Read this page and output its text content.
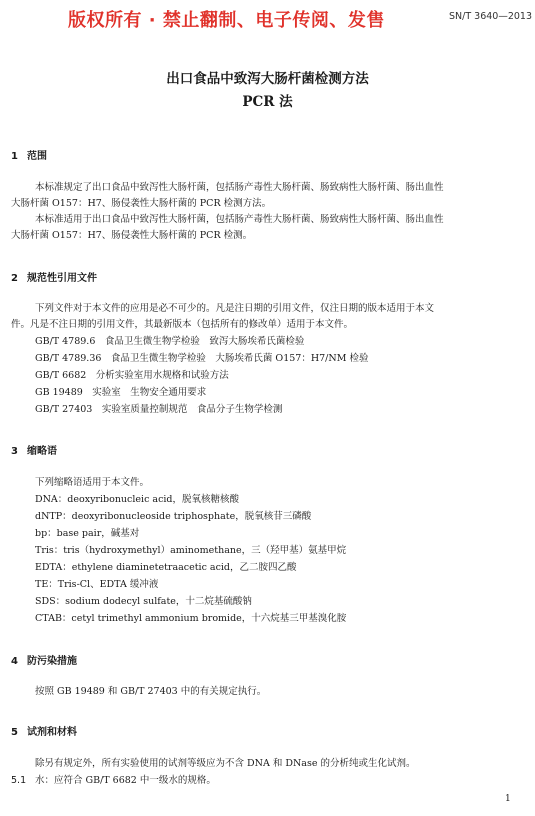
版权所有 · 禁止翻制、电子传阅、发售	SN/T 3640—2013
出口食品中致泻大肠杆菌检测方法
PCR 法
1 范围
本标准规定了出口食品中致泻性大肠杆菌，包括肠产毒性大肠杆菌、肠致病性大肠杆菌、肠出血性
大肠杆菌 O157：H7、肠侵袭性大肠杆菌的 PCR 检测方法。
本标准适用于出口食品中致泻性大肠杆菌，包括肠产毒性大肠杆菌、肠致病性大肠杆菌、肠出血性
大肠杆菌 O157：H7、肠侵袭性大肠杆菌的 PCR 检测。
2 规范性引用文件
下列文件对于本文件的应用是必不可少的。凡是注日期的引用文件，仅注日期的版本适用于本文
件。凡是不注日期的引用文件，其最新版本（包括所有的修改单）适用于本文件。
GB/T 4789.6　食品卫生微生物学检验　致泻大肠埃希氏菌检验
GB/T 4789.36　食品卫生微生物学检验　大肠埃希氏菌 O157：H7/NM 检验
GB/T 6682　分析实验室用水规格和试验方法
GB 19489　实验室　生物安全通用要求
GB/T 27403　实验室质量控制规范　食品分子生物学检测
3 缩略语
下列缩略语适用于本文件。
DNA：deoxyribonucleic acid，脱氧核糖核酸
dNTP：deoxyribonucleoside triphosphate，脱氧核苷三磷酸
bp：base pair，碱基对
Tris：tris（hydroxymethyl）aminomethane，三（羟甲基）氨基甲烷
EDTA：ethylene diaminetetraacetic acid，乙二胺四乙酸
TE：Tris-Cl、EDTA 缓冲液
SDS：sodium dodecyl sulfate，十二烷基硫酸钠
CTAB：cetyl trimethyl ammonium bromide，十六烷基三甲基溴化胺
4 防污染措施
按照 GB 19489 和 GB/T 27403 中的有关规定执行。
5 试剂和材料
除另有规定外，所有实验使用的试剂等级应为不含 DNA 和 DNase 的分析纯或生化试剂。
5.1 水：应符合 GB/T 6682 中一级水的规格。
1
